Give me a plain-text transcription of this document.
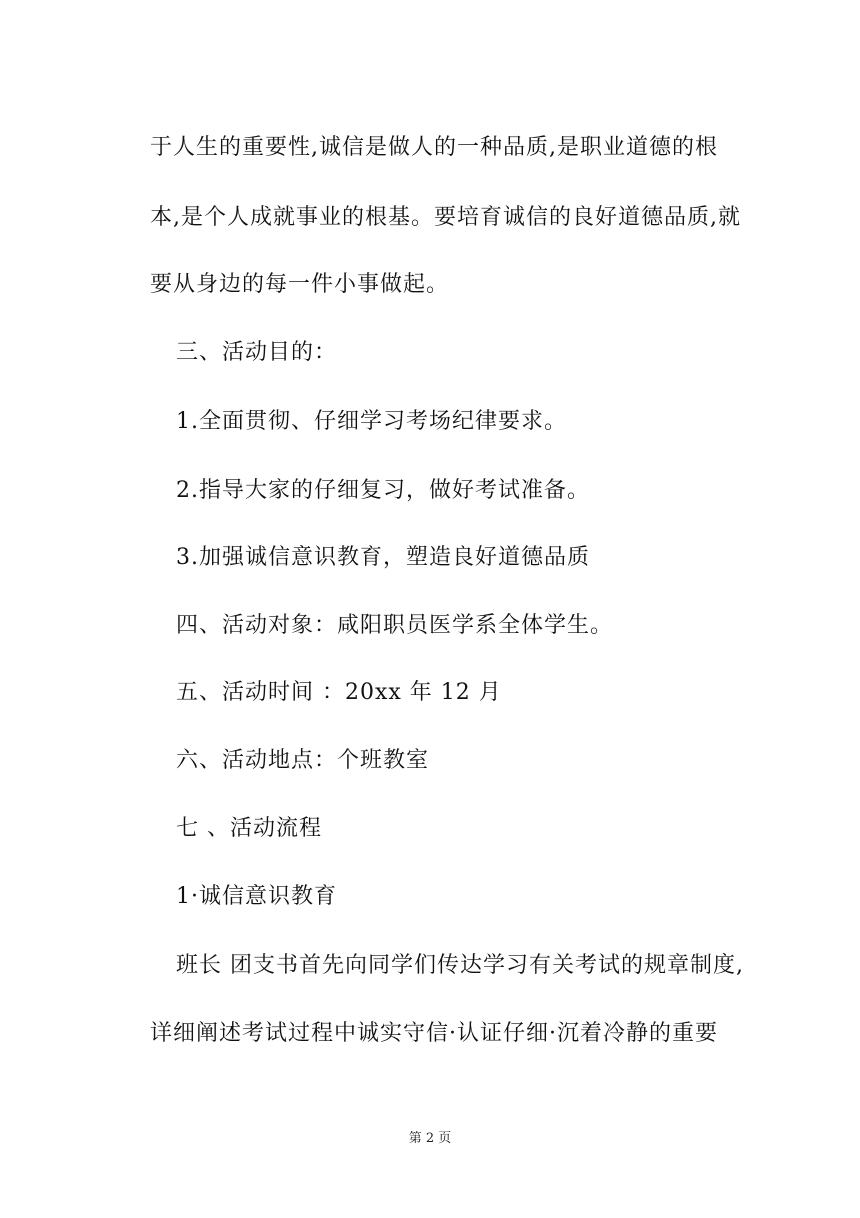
于人生的重要性,诚信是做人的一种品质,是职业道德的根
本,是个人成就事业的根基。要培育诚信的良好道德品质,就
要从身边的每一件小事做起。
三、活动目的：
1.全面贯彻、仔细学习考场纪律要求。
2.指导大家的仔细复习，做好考试准备。
3.加强诚信意识教育，塑造良好道德品质
四、活动对象：咸阳职员医学系全体学生。
五、活动时间 ：20xx 年 12 月
六、活动地点：个班教室
七 、活动流程
1·诚信意识教育
班长 团支书首先向同学们传达学习有关考试的规章制度,
详细阐述考试过程中诚实守信·认证仔细·沉着冷静的重要
第 2 页
